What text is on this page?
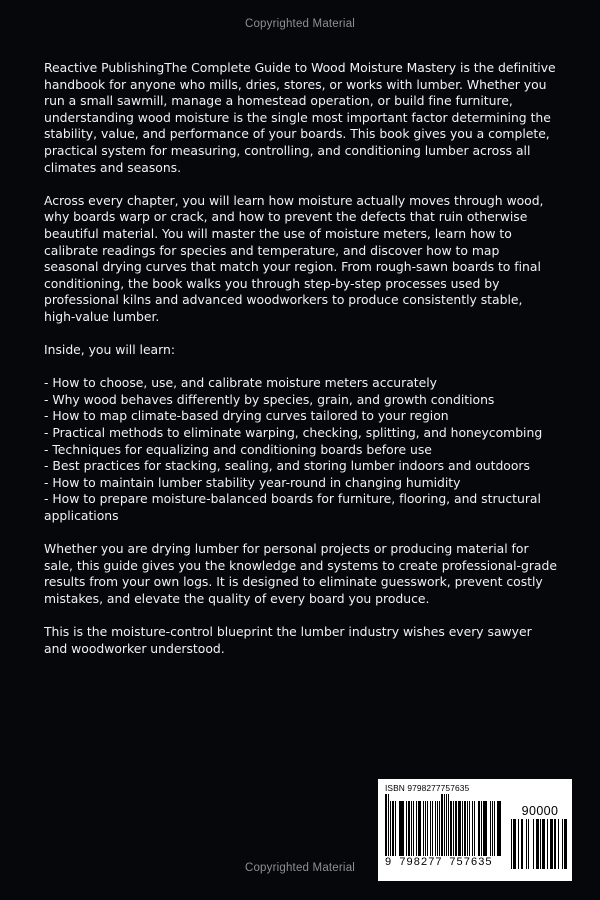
Copyrighted Material

Reactive PublishingThe Complete Guide to Wood Moisture Mastery is the definitive handbook for anyone who mills, dries, stores, or works with lumber. Whether you run a small sawmill, manage a homestead operation, or build fine furniture, understanding wood moisture is the single most important factor determining the stability, value, and performance of your boards. This book gives you a complete, practical system for measuring, controlling, and conditioning lumber across all climates and seasons.

Across every chapter, you will learn how moisture actually moves through wood, why boards warp or crack, and how to prevent the defects that ruin otherwise beautiful material. You will master the use of moisture meters, learn how to calibrate readings for species and temperature, and discover how to map seasonal drying curves that match your region. From rough-sawn boards to final conditioning, the book walks you through step-by-step processes used by professional kilns and advanced woodworkers to produce consistently stable, high-value lumber.

Inside, you will learn:

- How to choose, use, and calibrate moisture meters accurately
- Why wood behaves differently by species, grain, and growth conditions
- How to map climate-based drying curves tailored to your region
- Practical methods to eliminate warping, checking, splitting, and honeycombing
- Techniques for equalizing and conditioning boards before use
- Best practices for stacking, sealing, and storing lumber indoors and outdoors
- How to maintain lumber stability year-round in changing humidity
- How to prepare moisture-balanced boards for furniture, flooring, and structural applications

Whether you are drying lumber for personal projects or producing material for sale, this guide gives you the knowledge and systems to create professional-grade results from your own logs. It is designed to eliminate guesswork, prevent costly mistakes, and elevate the quality of every board you produce.

This is the moisture-control blueprint the lumber industry wishes every sawyer and woodworker understood.

Copyrighted Material
ISBN 9798277757635
9 798277 757635
90000
